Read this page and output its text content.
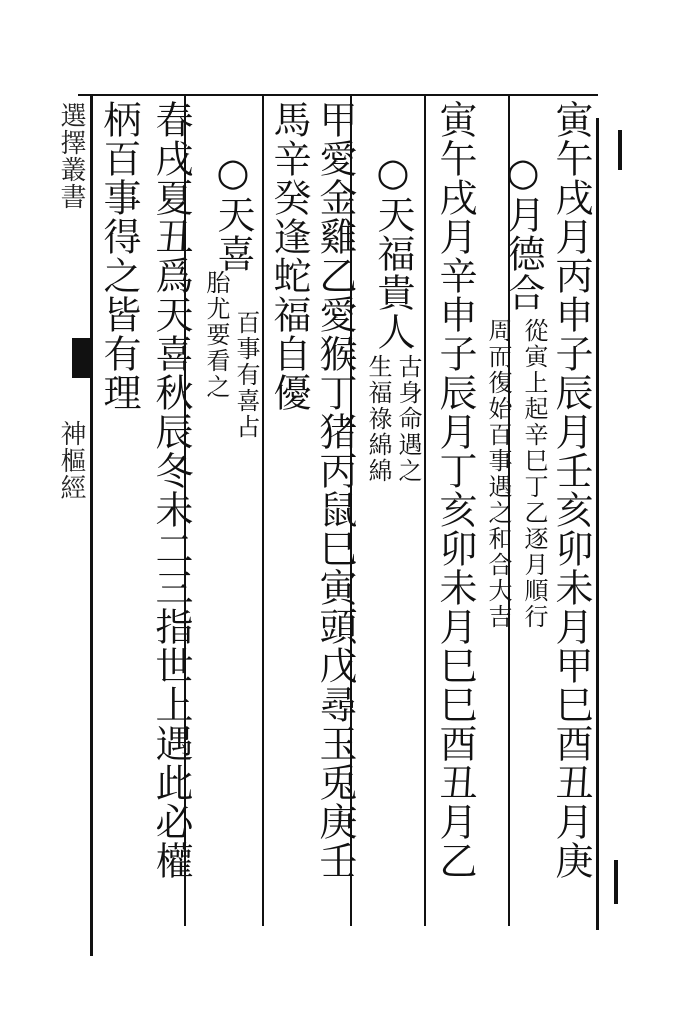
選擇叢書
神樞經	寅午戌月丙申子辰月壬亥卯未月甲巳酉丑月庚
○月德合
從寅上起辛巳丁乙逐月順行
周而復始百事遇之和合大吉
寅午戌月辛申子辰月丁亥卯未月巳巳酉丑月乙
○天福貴人
古身命遇之
生福祿綿綿
甲愛金雞乙愛猴丁猪丙鼠巳寅頭戊尋玉兎庚壬
馬辛癸逢蛇福自優
○天喜
百事有喜占
胎尤要看之
春戌夏丑爲天喜秋辰冬未二三指世上遇此必權
柄百事得之皆有理
